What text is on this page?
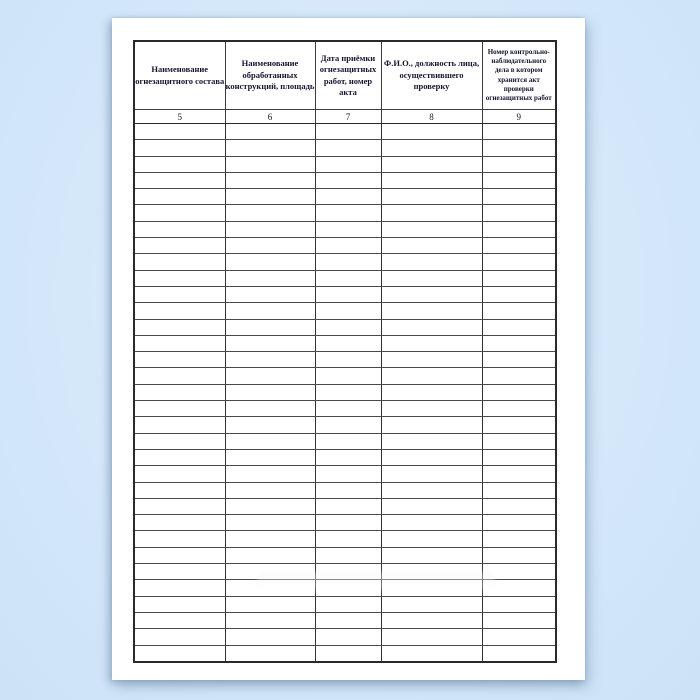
Наименование огнезащитного состава	Наименование обработанных конструкций, площадь	Дата приёмки огнезащитных работ, номер акта	Ф.И.О., должность лица, осуществившего проверку	Номер контрольно-наблюдательного дела в котором хранится акт проверки огнезащитных работ
5	6	7	8	9
